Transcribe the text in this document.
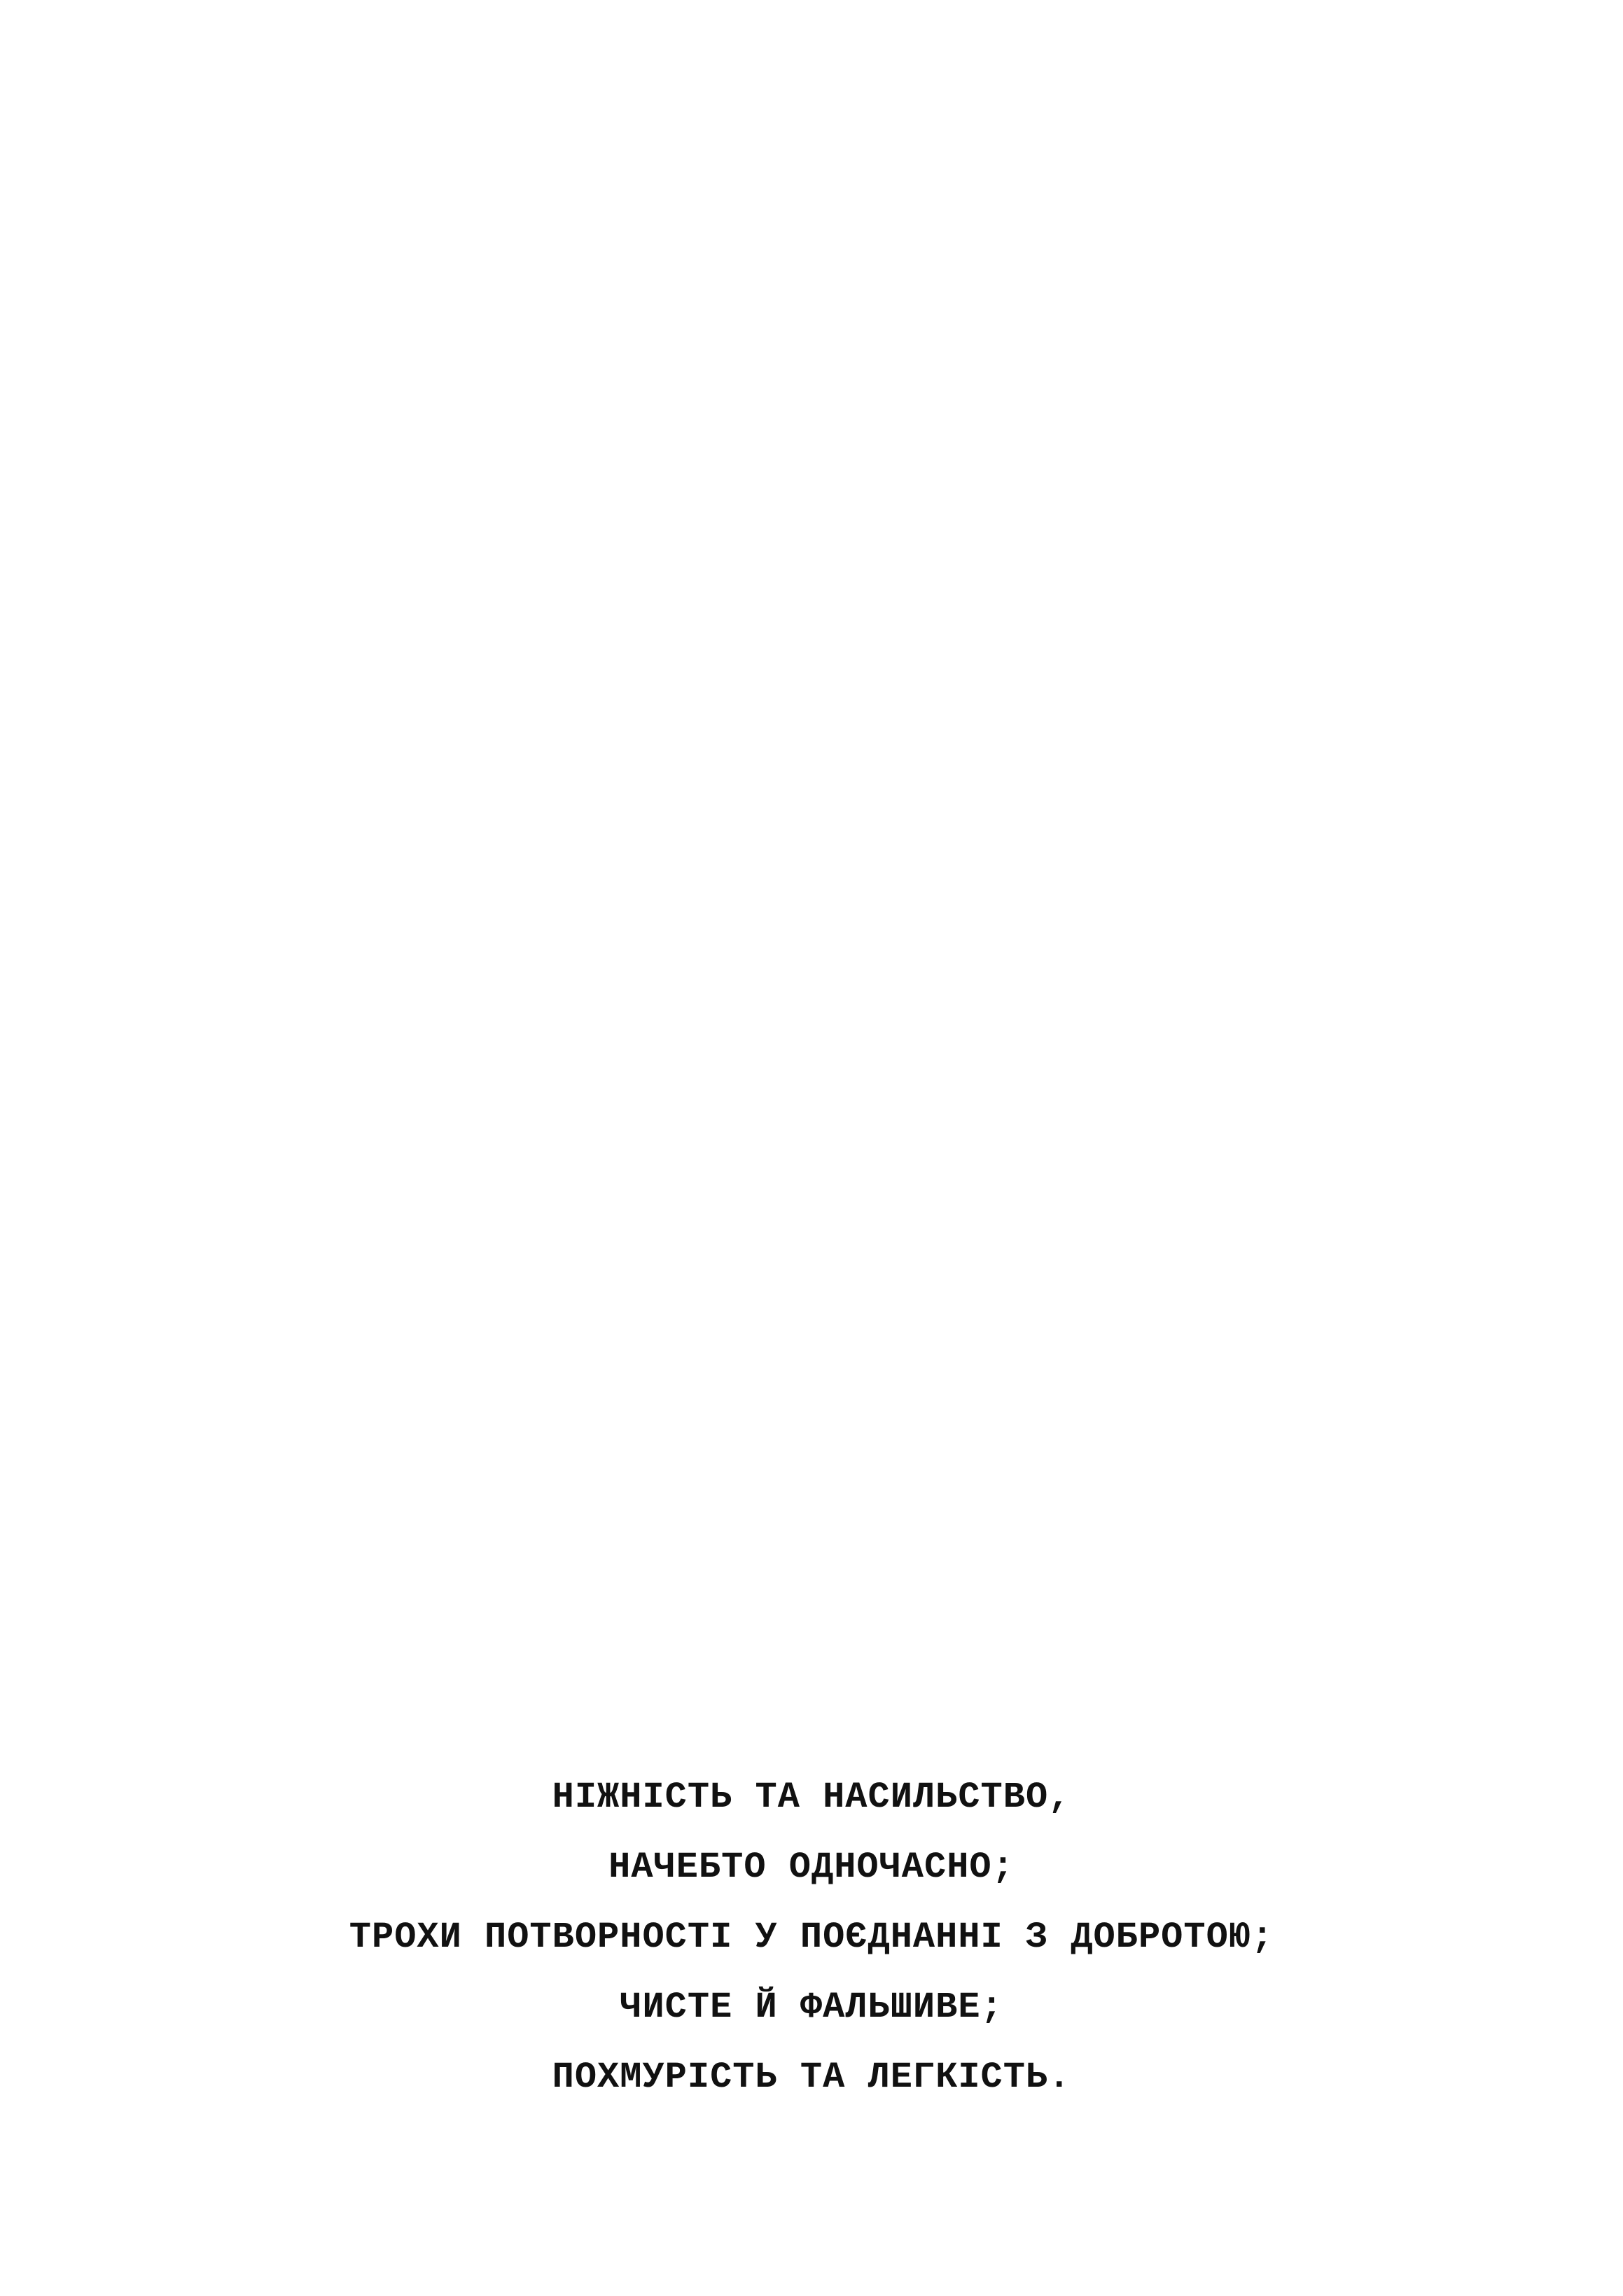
НІЖНІСТЬ ТА НАСИЛЬСТВО,
НАЧЕБТО ОДНОЧАСНО;
ТРОХИ ПОТВОРНОСТІ У ПОЄДНАННІ З ДОБРОТОЮ;
ЧИСТЕ Й ФАЛЬШИВЕ;
ПОХМУРІСТЬ ТА ЛЕГКІСТЬ.
